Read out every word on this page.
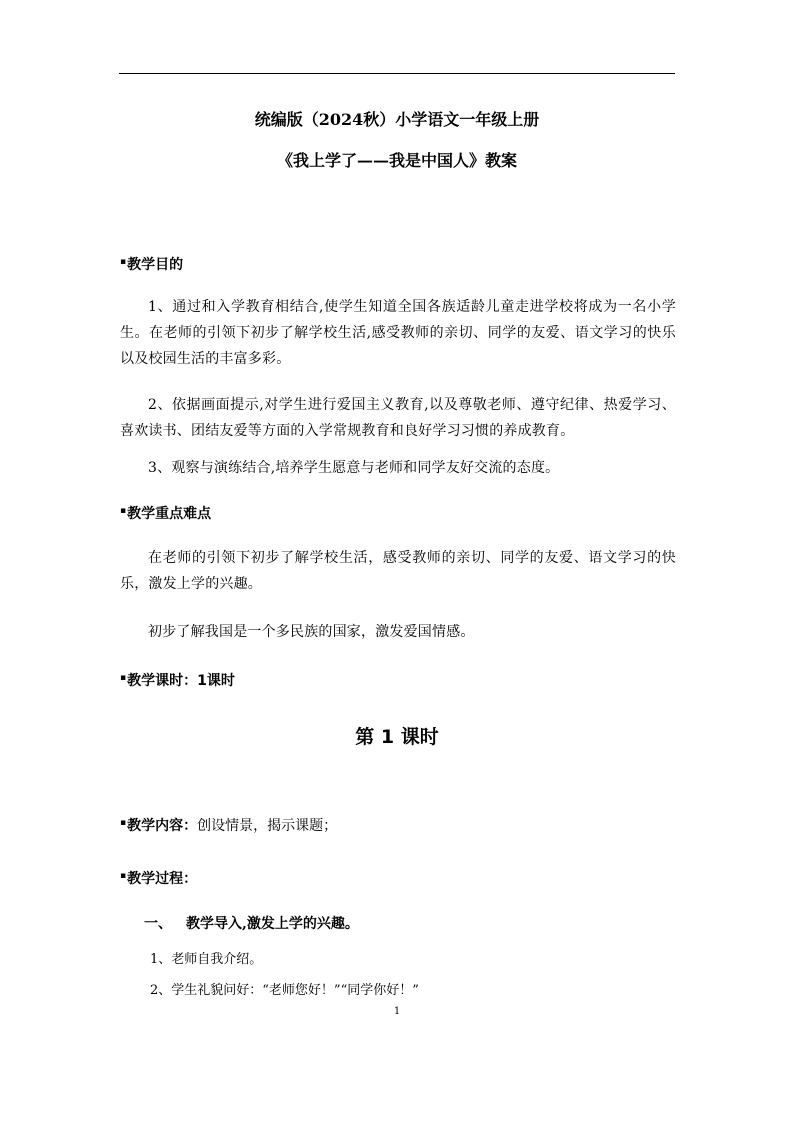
统编版（2024秋）小学语文一年级上册
《我上学了——我是中国人》教案
▪教学目的
1、通过和入学教育相结合,使学生知道全国各族适龄儿童走进学校将成为一名小学生。在老师的引领下初步了解学校生活,感受教师的亲切、同学的友爱、语文学习的快乐以及校园生活的丰富多彩。
2、依据画面提示,对学生进行爱国主义教育,以及尊敬老师、遵守纪律、热爱学习、喜欢读书、团结友爱等方面的入学常规教育和良好学习习惯的养成教育。
3、观察与演练结合,培养学生愿意与老师和同学友好交流的态度。
▪教学重点难点
在老师的引领下初步了解学校生活，感受教师的亲切、同学的友爱、语文学习的快乐，激发上学的兴趣。
初步了解我国是一个多民族的国家，激发爱国情感。
▪教学课时：1课时
第 1 课时
▪教学内容：创设情景，揭示课题；
▪教学过程：
一、 教学导入,激发上学的兴趣。
1、老师自我介绍。
2、学生礼貌问好：“老师您好！”“同学你好！”
1
